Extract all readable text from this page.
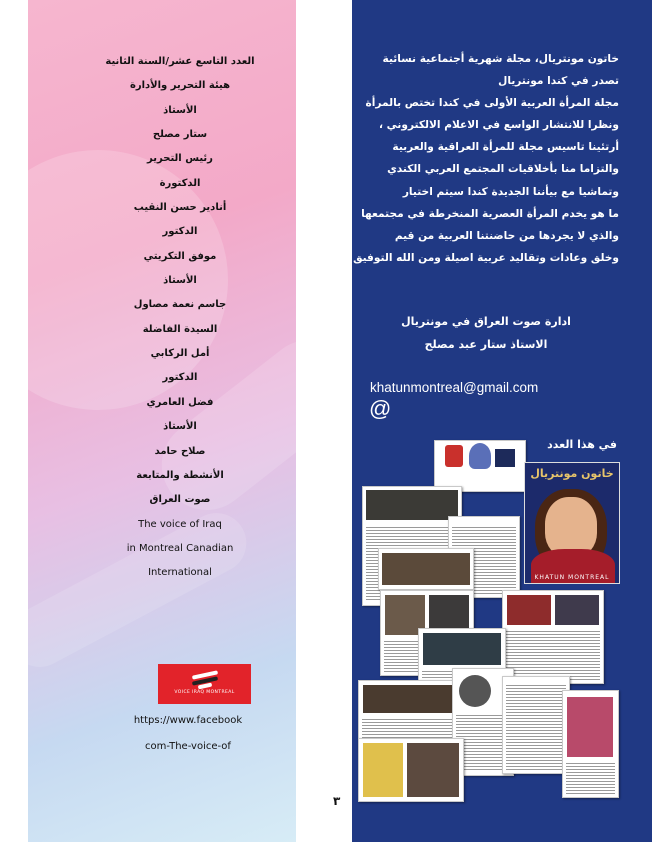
العدد التاسع عشر/السنة الثانية
هيئة التحرير والأدارة
الأستاذ
ستار مصلح
رئيس التحرير
الدكتورة
أنادير حسن النقيب
الدكتور
موفق التكريتي
الأستاذ
جاسم نعمة مصاول
السيدة الفاضلة
أمل الركابي
الدكتور
فضل العامري
الأستاذ
صلاح حامد
الأنشطة والمتابعة
صوت العراق
The voice of Iraq
in Montreal Canadian
International
VOICE IRAQ MONTREAL
https://www.facebook
com-The-voice-of
٣
خاتون مونتريال، مجلة شهرية أجتماعية نسائية
تصدر في كندا مونتريال
مجلة المرأة العربية الأولى في كندا تختص بالمرأة
ونظرا للانتشار الواسع في الاعلام الالكتروني ،
أرتئينا تاسيس مجلة للمرأة العراقية والعربية
والتزاما منا بأخلاقيات المجتمع العربي الكندي
وتماشيا مع بيأننا الجديدة كندا سيتم اختيار
ما هو يخدم المرأة العصرية المنخرطة في مجتمعها
والذي لا يجردها من حاضنتنا العربية من قيم
وخلق وعادات وتقاليد عربية اصيلة ومن الله التوفيق
ادارة صوت العراق في مونتريال
الاستاذ ستار عبد مصلح
khatunmontreal@gmail.com
@
في هذا العدد
خاتون مونتريال
KHATUN MONTREAL
